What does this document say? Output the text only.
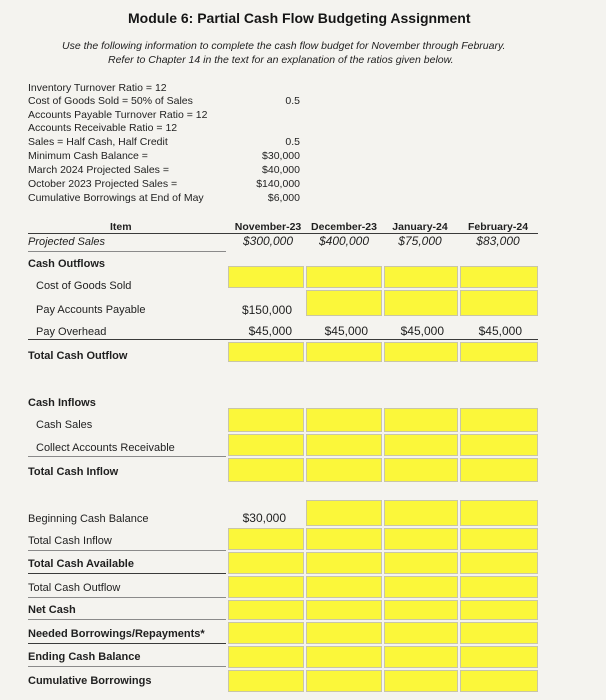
Module 6: Partial Cash Flow Budgeting Assignment
Use the following information to complete the cash flow budget for November through February.
Refer to Chapter 14 in the text for an explanation of the ratios given below.
Inventory Turnover Ratio = 12
Cost of Goods Sold = 50% of Sales	0.5
Accounts Payable Turnover Ratio = 12
Accounts Receivable Ratio = 12
Sales = Half Cash, Half Credit	0.5
Minimum Cash Balance =	$30,000
March 2024 Projected Sales =	$40,000
October 2023 Projected Sales =	$140,000
Cumulative Borrowings at End of May	$6,000
Item	November-23 December-23	January-24	February-24
Projected Sales	$300,000	$400,000	$75,000	$83,000
Cash Outflows
Cost of Goods Sold
Pay Accounts Payable	$150,000
Pay Overhead	$45,000	$45,000	$45,000	$45,000
Total Cash Outflow
Cash Inflows
Cash Sales
Collect Accounts Receivable
Total Cash Inflow
Beginning Cash Balance	$30,000
Total Cash Inflow
Total Cash Available
Total Cash Outflow
Net Cash
Needed Borrowings/Repayments*
Ending Cash Balance
Cumulative Borrowings
